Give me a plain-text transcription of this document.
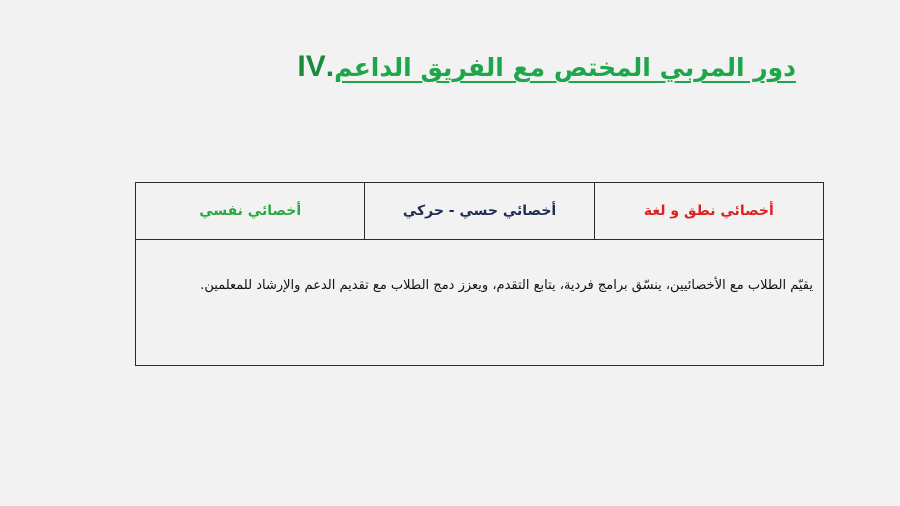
.IV دور المربي المختص مع الفريق الداعم
أخصائي نطق و لغة
أخصائي حسي - حركي
أخصائي نفسي
يقيّم الطلاب مع الأخصائيين، ينسّق برامج فردية، يتابع التقدم، ويعزز دمج الطلاب مع تقديم الدعم والإرشاد للمعلمين.
